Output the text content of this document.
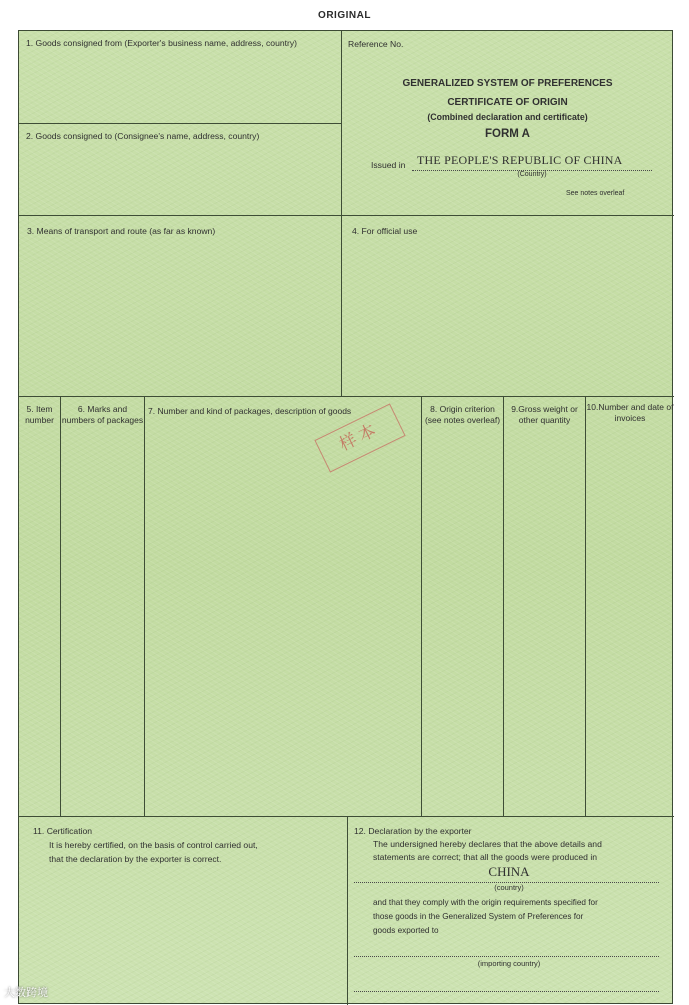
ORIGINAL
1. Goods consigned from (Exporter's business name, address, country)	Reference No.
GENERALIZED SYSTEM OF PREFERENCES
CERTIFICATE OF ORIGIN
(Combined declaration and certificate)
FORM A
Issued in THE PEOPLE'S REPUBLIC OF CHINA
(Country)
See notes overleaf
2. Goods consigned to (Consignee's name, address, country)
3. Means of transport and route (as far as known)	4. For official use
5. Item number
6. Marks and numbers of packages
7. Number and kind of packages, description of goods	8. Origin criterion (see notes overleaf)
9.Gross weight or other quantity
10.Number and date of invoices
11. Certification
It is hereby certified, on the basis of control carried out,
that the declaration by the exporter is correct.
12. Declaration by the exporter
The undersigned hereby declares that the above details and
statements are correct; that all the goods were produced in
CHINA
(country)
and that they comply with the origin requirements specified for
those goods in the Generalized System of Preferences for
goods exported to
(importing country)
样本
大数跨境
